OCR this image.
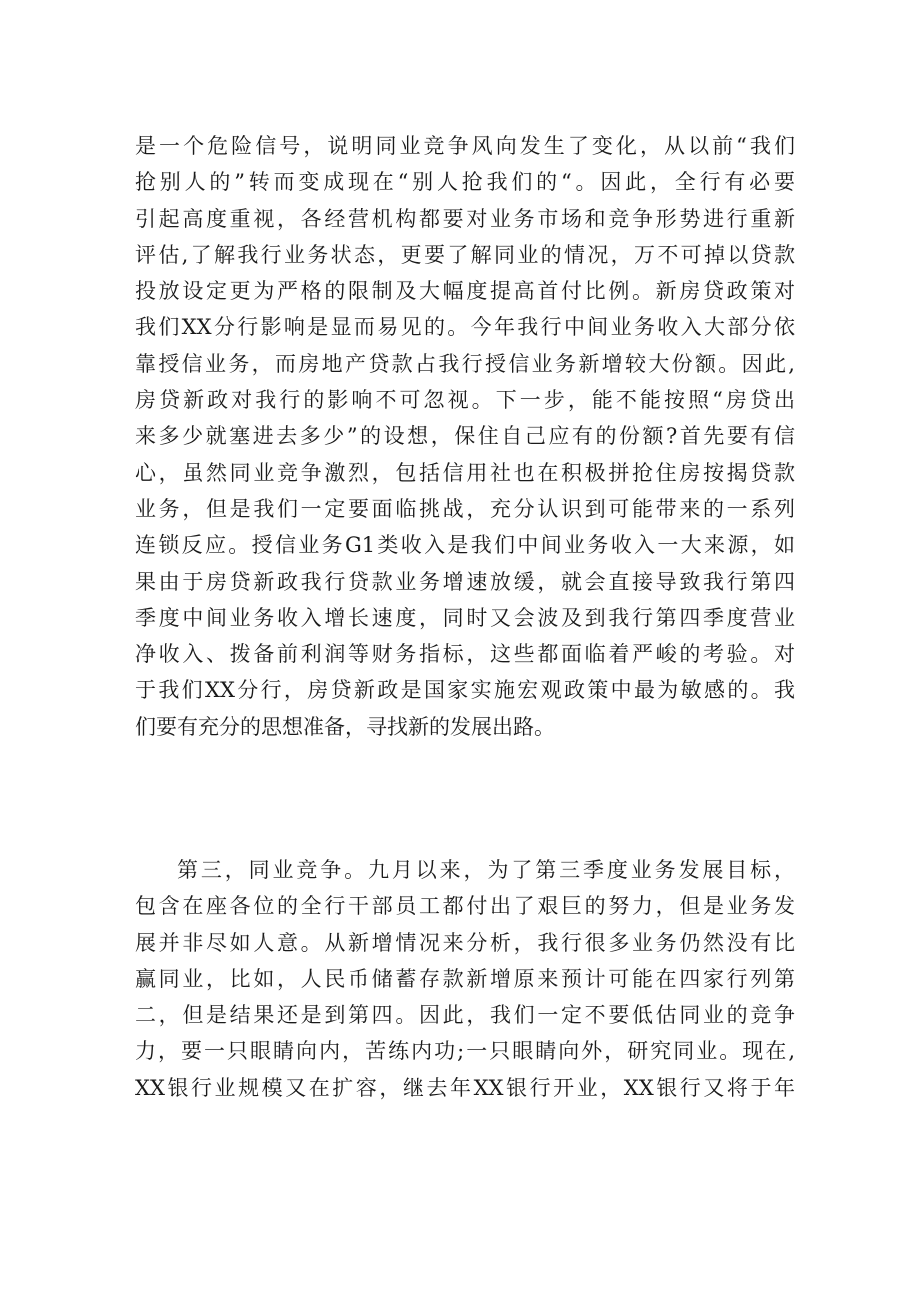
是一个危险信号，说明同业竞争风向发生了变化，从以前“我们
抢别人的”转而变成现在“别人抢我们的“。因此，全行有必要
引起高度重视，各经营机构都要对业务市场和竞争形势进行重新
评估,了解我行业务状态，更要了解同业的情况，万不可掉以贷款
投放设定更为严格的限制及大幅度提高首付比例。新房贷政策对
我们XX分行影响是显而易见的。今年我行中间业务收入大部分依
靠授信业务，而房地产贷款占我行授信业务新增较大份额。因此,
房贷新政对我行的影响不可忽视。下一步，能不能按照“房贷出
来多少就塞进去多少”的设想，保住自己应有的份额?首先要有信
心，虽然同业竞争激烈，包括信用社也在积极拼抢住房按揭贷款
业务，但是我们一定要面临挑战，充分认识到可能带来的一系列
连锁反应。授信业务G1类收入是我们中间业务收入一大来源，如
果由于房贷新政我行贷款业务增速放缓，就会直接导致我行第四
季度中间业务收入增长速度，同时又会波及到我行第四季度营业
净收入、拨备前利润等财务指标，这些都面临着严峻的考验。对
于我们XX分行，房贷新政是国家实施宏观政策中最为敏感的。我
们要有充分的思想准备，寻找新的发展出路。
第三，同业竞争。九月以来，为了第三季度业务发展目标，
包含在座各位的全行干部员工都付出了艰巨的努力，但是业务发
展并非尽如人意。从新增情况来分析，我行很多业务仍然没有比
赢同业，比如，人民币储蓄存款新增原来预计可能在四家行列第
二，但是结果还是到第四。因此，我们一定不要低估同业的竞争
力，要一只眼睛向内，苦练内功;一只眼睛向外，研究同业。现在,
XX银行业规模又在扩容，继去年XX银行开业，XX银行又将于年
